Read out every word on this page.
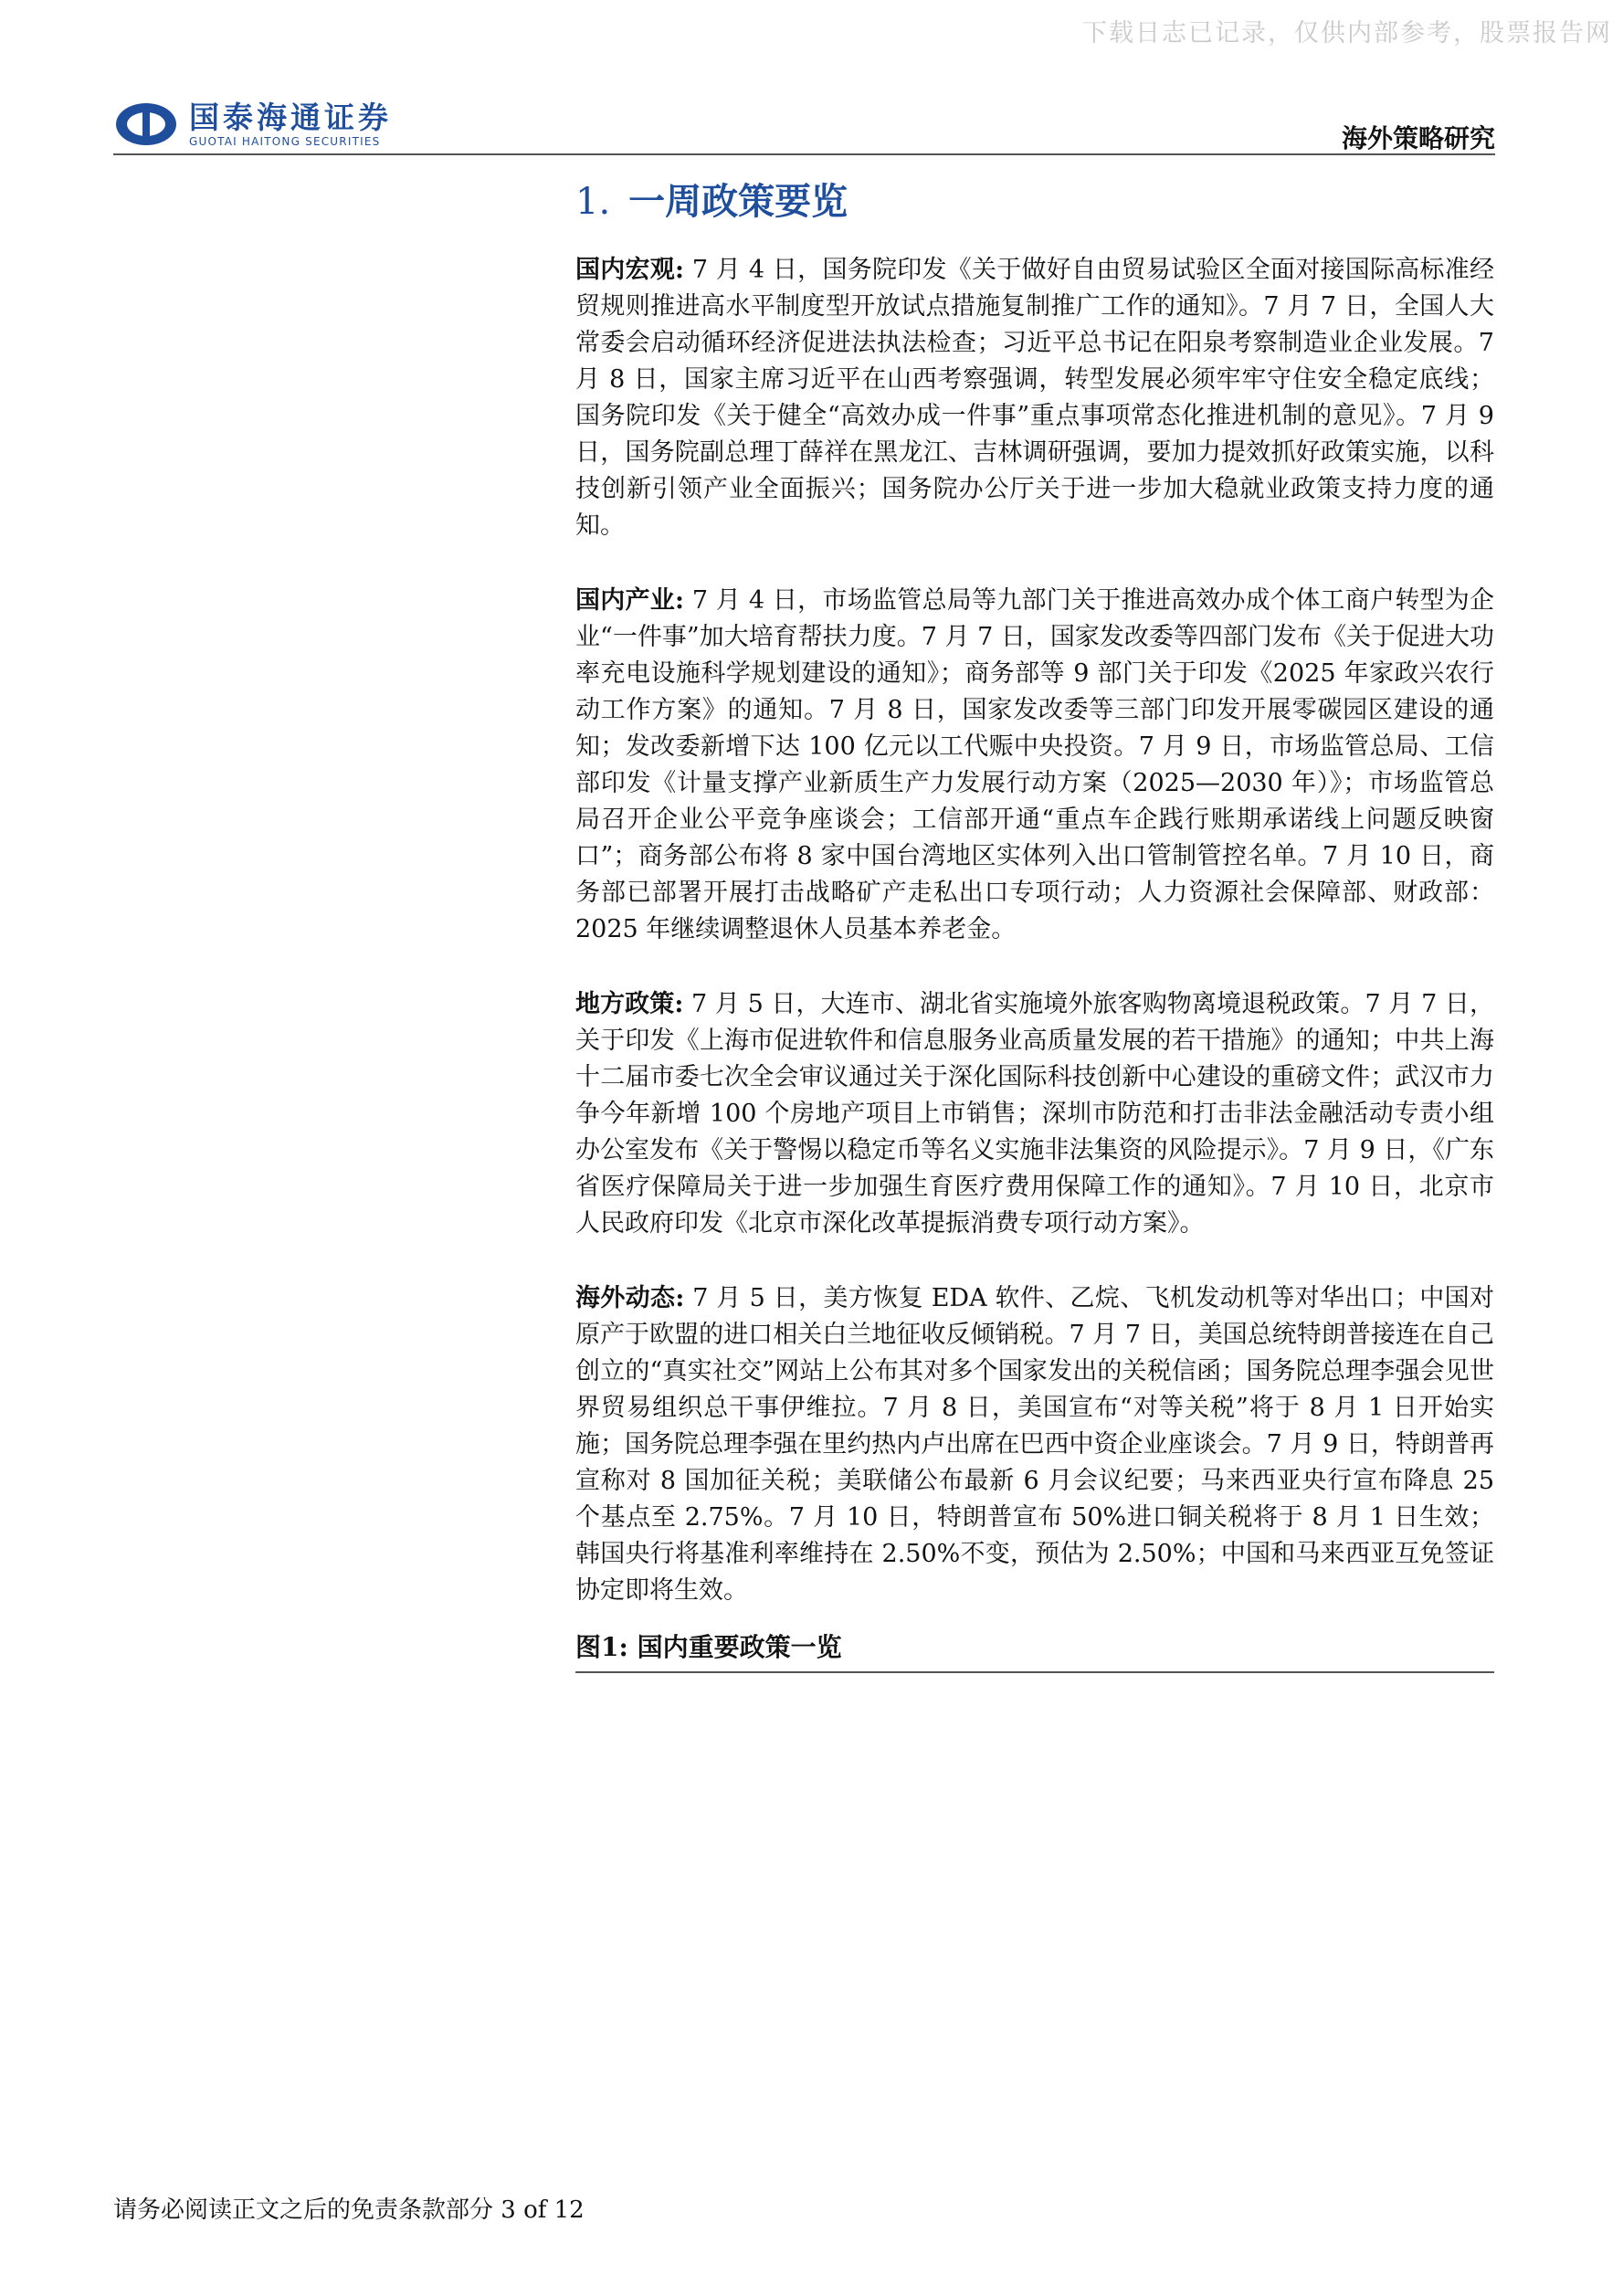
下载日志已记录，仅供内部参考，股票报告网
国泰海通证券
GUOTAI HAITONG SECURITIES	海外策略研究
1. 一周政策要览

国内宏观: 7 月 4 日，国务院印发《关于做好自由贸易试验区全面对接国际高标准经贸规则推进高水平制度型开放试点措施复制推广工作的通知》。7 月 7 日，全国人大常委会启动循环经济促进法执法检查；习近平总书记在阳泉考察制造业企业发展。7 月 8 日，国家主席习近平在山西考察强调，转型发展必须牢牢守住安全稳定底线；国务院印发《关于健全“高效办成一件事”重点事项常态化推进机制的意见》。7 月 9 日，国务院副总理丁薛祥在黑龙江、吉林调研强调，要加力提效抓好政策实施，以科技创新引领产业全面振兴；国务院办公厅关于进一步加大稳就业政策支持力度的通知。

国内产业: 7 月 4 日，市场监管总局等九部门关于推进高效办成个体工商户转型为企业“一件事”加大培育帮扶力度。7 月 7 日，国家发改委等四部门发布《关于促进大功率充电设施科学规划建设的通知》；商务部等 9 部门关于印发《2025 年家政兴农行动工作方案》的通知。7 月 8 日，国家发改委等三部门印发开展零碳园区建设的通知；发改委新增下达 100 亿元以工代赈中央投资。7 月 9 日，市场监管总局、工信部印发《计量支撑产业新质生产力发展行动方案（2025—2030 年）》；市场监管总局召开企业公平竞争座谈会；工信部开通“重点车企践行账期承诺线上问题反映窗口”；商务部公布将 8 家中国台湾地区实体列入出口管制管控名单。7 月 10 日，商务部已部署开展打击战略矿产走私出口专项行动；人力资源社会保障部、财政部：2025 年继续调整退休人员基本养老金。

地方政策: 7 月 5 日，大连市、湖北省实施境外旅客购物离境退税政策。7 月 7 日，关于印发《上海市促进软件和信息服务业高质量发展的若干措施》的通知；中共上海十二届市委七次全会审议通过关于深化国际科技创新中心建设的重磅文件；武汉市力争今年新增 100 个房地产项目上市销售；深圳市防范和打击非法金融活动专责小组办公室发布《关于警惕以稳定币等名义实施非法集资的风险提示》。7 月 9 日，《广东省医疗保障局关于进一步加强生育医疗费用保障工作的通知》。7 月 10 日，北京市人民政府印发《北京市深化改革提振消费专项行动方案》。

海外动态: 7 月 5 日，美方恢复 EDA 软件、乙烷、飞机发动机等对华出口；中国对原产于欧盟的进口相关白兰地征收反倾销税。7 月 7 日，美国总统特朗普接连在自己创立的“真实社交”网站上公布其对多个国家发出的关税信函；国务院总理李强会见世界贸易组织总干事伊维拉。7 月 8 日，美国宣布“对等关税”将于 8 月 1 日开始实施；国务院总理李强在里约热内卢出席在巴西中资企业座谈会。7 月 9 日，特朗普再宣称对 8 国加征关税；美联储公布最新 6 月会议纪要；马来西亚央行宣布降息 25 个基点至 2.75%。7 月 10 日，特朗普宣布 50%进口铜关税将于 8 月 1 日生效；韩国央行将基准利率维持在 2.50%不变，预估为 2.50%；中国和马来西亚互免签证协定即将生效。

图1: 国内重要政策一览
请务必阅读正文之后的免责条款部分 3 of 12
